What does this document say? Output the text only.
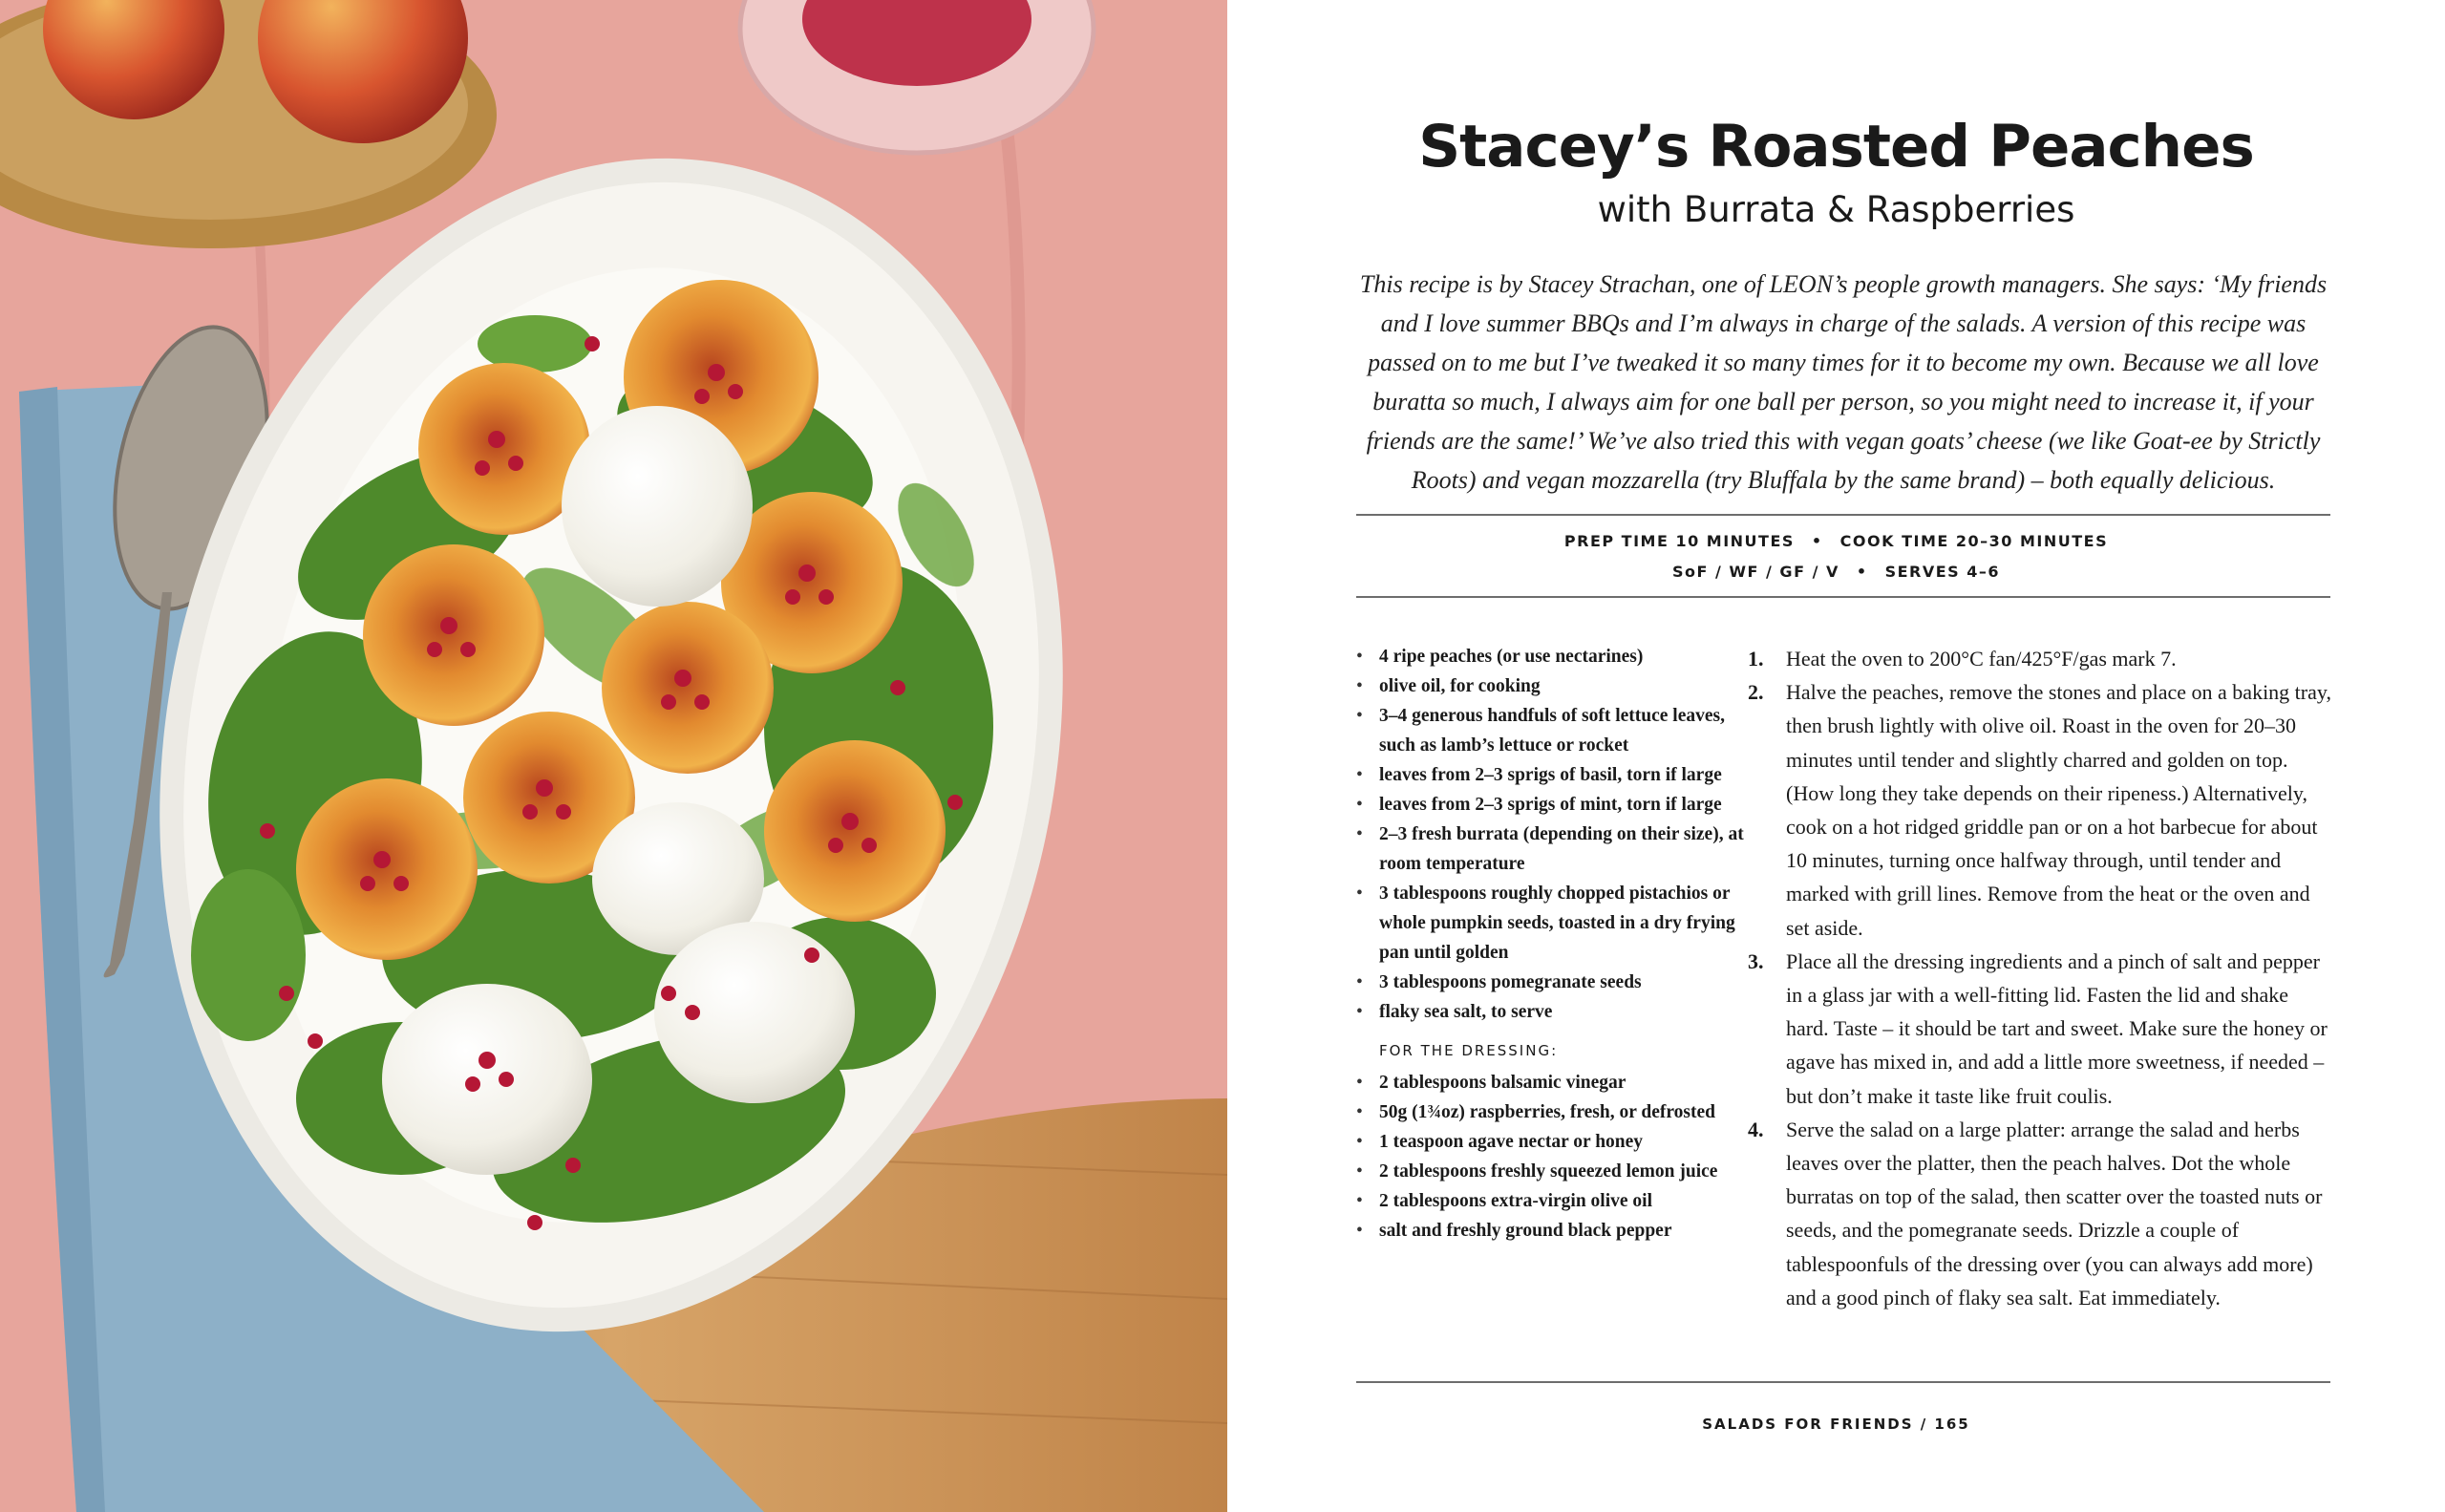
Stacey’s Roasted Peaches
with Burrata & Raspberries
This recipe is by Stacey Strachan, one of LEON’s people growth managers. She says: ‘My friends and I love summer BBQs and I’m always in charge of the salads. A version of this recipe was passed on to me but I’ve tweaked it so many times for it to become my own. Because we all love buratta so much, I always aim for one ball per person, so you might need to increase it, if your friends are the same!’ We’ve also tried this with vegan goats’ cheese (we like Goat-ee by Strictly Roots) and vegan mozzarella (try Bluffala by the same brand) – both equally delicious.
PREP TIME 10 MINUTES • COOK TIME 20–30 MINUTES
SoF / WF / GF / V • SERVES 4–6
• 4 ripe peaches (or use nectarines)
• olive oil, for cooking
• 3–4 generous handfuls of soft lettuce leaves, such as lamb’s lettuce or rocket
• leaves from 2–3 sprigs of basil, torn if large
• leaves from 2–3 sprigs of mint, torn if large
• 2–3 fresh burrata (depending on their size), at room temperature
• 3 tablespoons roughly chopped pistachios or whole pumpkin seeds, toasted in a dry frying pan until golden
• 3 tablespoons pomegranate seeds
• flaky sea salt, to serve
FOR THE DRESSING:
• 2 tablespoons balsamic vinegar
• 50g (1¾oz) raspberries, fresh, or defrosted
• 1 teaspoon agave nectar or honey
• 2 tablespoons freshly squeezed lemon juice
• 2 tablespoons extra-virgin olive oil
• salt and freshly ground black pepper
1. Heat the oven to 200°C fan/425°F/gas mark 7.
2. Halve the peaches, remove the stones and place on a baking tray, then brush lightly with olive oil. Roast in the oven for 20–30 minutes until tender and slightly charred and golden on top. (How long they take depends on their ripeness.) Alternatively, cook on a hot ridged griddle pan or on a hot barbecue for about 10 minutes, turning once halfway through, until tender and marked with grill lines. Remove from the heat or the oven and set aside.
3. Place all the dressing ingredients and a pinch of salt and pepper in a glass jar with a well-fitting lid. Fasten the lid and shake hard. Taste – it should be tart and sweet. Make sure the honey or agave has mixed in, and add a little more sweetness, if needed – but don’t make it taste like fruit coulis.
4. Serve the salad on a large platter: arrange the salad and herbs leaves over the platter, then the peach halves. Dot the whole burratas on top of the salad, then scatter over the toasted nuts or seeds, and the pomegranate seeds. Drizzle a couple of tablespoonfuls of the dressing over (you can always add more) and a good pinch of flaky sea salt. Eat immediately.
SALADS FOR FRIENDS / 165
